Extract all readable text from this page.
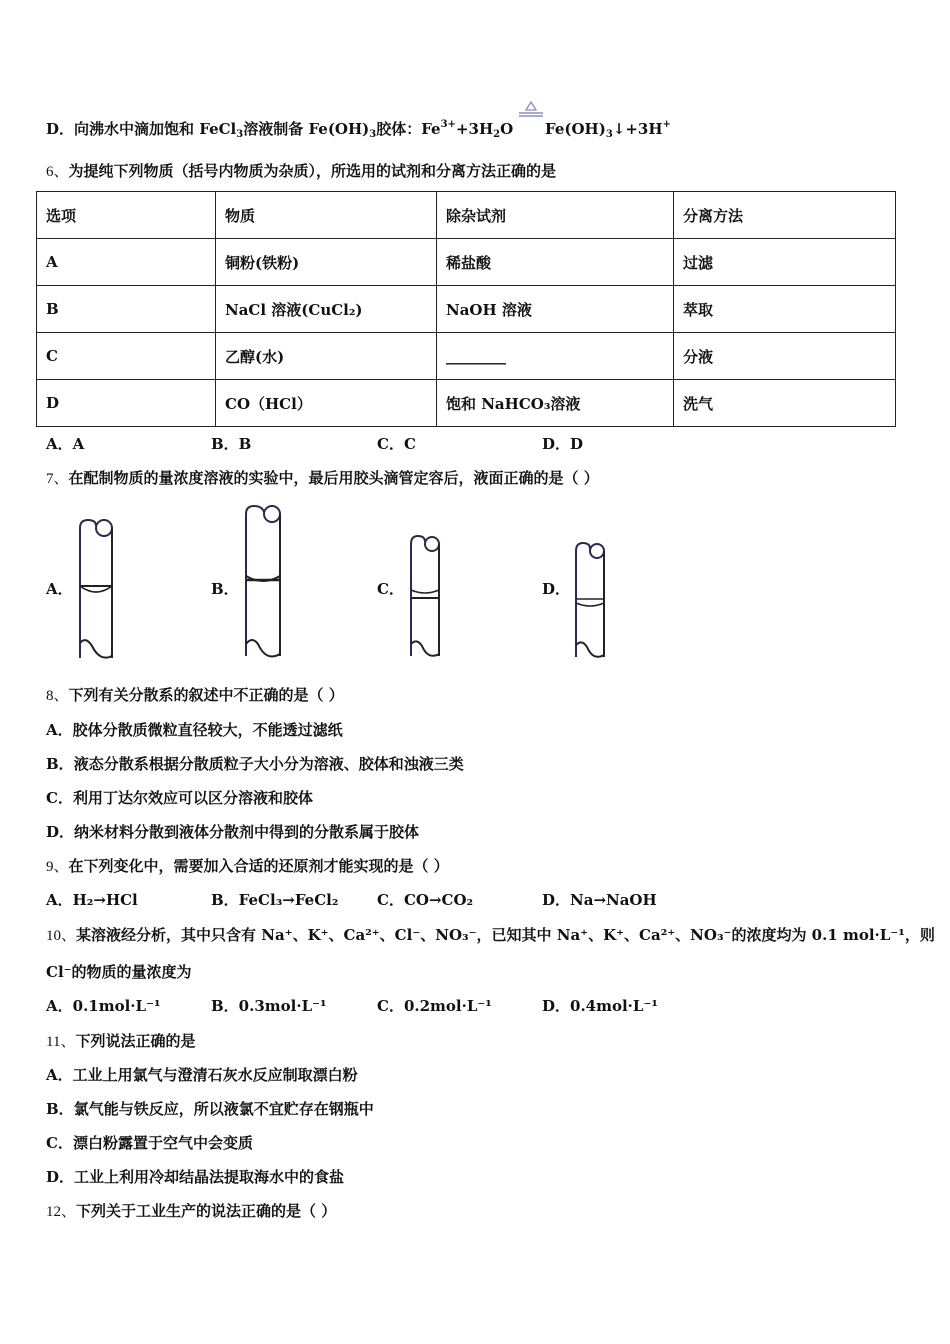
D．向沸水中滴加饱和 FeCl$_3$溶液制备 $Fe(OH)_3$胶体：$Fe^{3+}+3H_2O$ $Fe(OH)_3↓+3H^+$
6、为提纯下列物质（括号内物质为杂质），所选用的试剂和分离方法正确的是
选项	物质	除杂试剂	分离方法
A	铜粉(铁粉)	稀盐酸	过滤
B	NaCl 溶液(CuCl₂)	NaOH 溶液	萃取
C	乙醇(水)	________	分液
D	CO（HCl）	饱和 NaHCO₃溶液	洗气
A．A	B．B	C．C	D．D
7、在配制物质的量浓度溶液的实验中，最后用胶头滴管定容后，液面正确的是（ ）
A．	B．	C．	D．
8、下列有关分散系的叙述中不正确的是（ ）
A．胶体分散质微粒直径较大，不能透过滤纸
B．液态分散系根据分散质粒子大小分为溶液、胶体和浊液三类
C．利用丁达尔效应可以区分溶液和胶体
D．纳米材料分散到液体分散剂中得到的分散系属于胶体
9、在下列变化中，需要加入合适的还原剂才能实现的是（ ）
A．H₂→HCl	B．FeCl₃→FeCl₂	C．CO→CO₂	D．Na→NaOH
10、某溶液经分析，其中只含有 Na⁺、K⁺、Ca²⁺、Cl⁻、NO₃⁻，已知其中 Na⁺、K⁺、Ca²⁺、NO₃⁻的浓度均为 0.1 mol·L⁻¹，则
Cl⁻的物质的量浓度为
A．0.1mol·L⁻¹	B．0.3mol·L⁻¹	C．0.2mol·L⁻¹	D．0.4mol·L⁻¹
11、下列说法正确的是
A．工业上用氯气与澄清石灰水反应制取漂白粉
B．氯气能与铁反应，所以液氯不宜贮存在钢瓶中
C．漂白粉露置于空气中会变质
D．工业上利用冷却结晶法提取海水中的食盐
12、下列关于工业生产的说法正确的是（ ）
